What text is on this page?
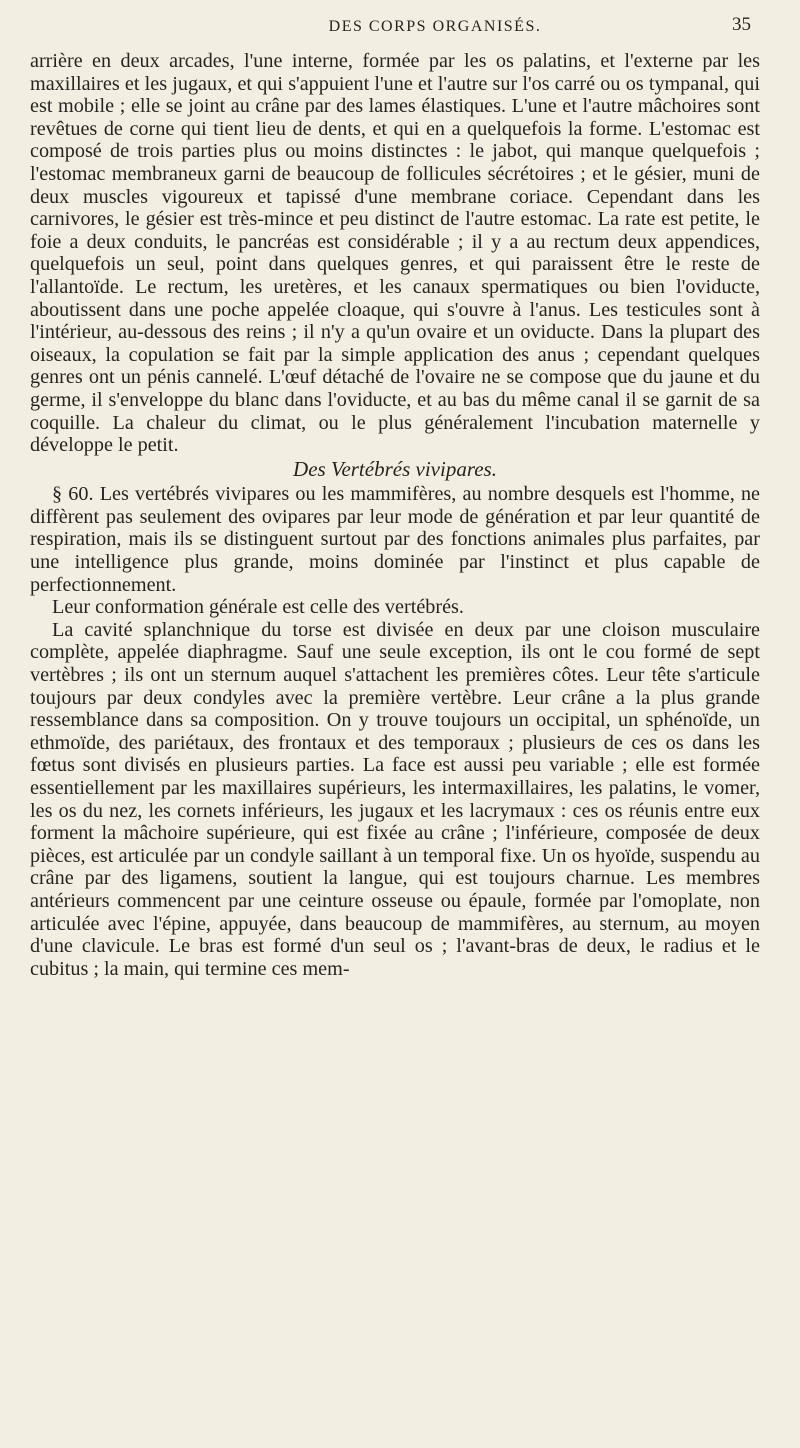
DES CORPS ORGANISÉS.	35

arrière en deux arcades, l'une interne, formée par les os palatins, et l'externe par les maxillaires et les jugaux, et qui s'appuient l'une et l'autre sur l'os carré ou os tympanal, qui est mobile ; elle se joint au crâne par des lames élastiques. L'une et l'autre mâchoires sont revêtues de corne qui tient lieu de dents, et qui en a quelquefois la forme. L'estomac est composé de trois parties plus ou moins distinctes : le jabot, qui manque quelquefois ; l'estomac membraneux garni de beaucoup de follicules sécrétoires ; et le gésier, muni de deux muscles vigoureux et tapissé d'une membrane coriace. Cependant dans les carnivores, le gésier est très-mince et peu distinct de l'autre estomac. La rate est petite, le foie a deux conduits, le pancréas est considérable ; il y a au rectum deux appendices, quelquefois un seul, point dans quelques genres, et qui paraissent être le reste de l'allantoïde. Le rectum, les uretères, et les canaux spermatiques ou bien l'oviducte, aboutissent dans une poche appelée cloaque, qui s'ouvre à l'anus. Les testicules sont à l'intérieur, au-dessous des reins ; il n'y a qu'un ovaire et un oviducte. Dans la plupart des oiseaux, la copulation se fait par la simple application des anus ; cependant quelques genres ont un pénis cannelé. L'œuf détaché de l'ovaire ne se compose que du jaune et du germe, il s'enveloppe du blanc dans l'oviducte, et au bas du même canal il se garnit de sa coquille. La chaleur du climat, ou le plus généralement l'incubation maternelle y développe le petit.

Des Vertébrés vivipares.

§ 60. Les vertébrés vivipares ou les mammifères, au nombre desquels est l'homme, ne diffèrent pas seulement des ovipares par leur mode de génération et par leur quantité de respiration, mais ils se distinguent surtout par des fonctions animales plus parfaites, par une intelligence plus grande, moins dominée par l'instinct et plus capable de perfectionnement.

Leur conformation générale est celle des vertébrés.

La cavité splanchnique du torse est divisée en deux par une cloison musculaire complète, appelée diaphragme. Sauf une seule exception, ils ont le cou formé de sept vertèbres ; ils ont un sternum auquel s'attachent les premières côtes. Leur tête s'articule toujours par deux condyles avec la première vertèbre. Leur crâne a la plus grande ressemblance dans sa composition. On y trouve toujours un occipital, un sphénoïde, un ethmoïde, des pariétaux, des frontaux et des temporaux ; plusieurs de ces os dans les fœtus sont divisés en plusieurs parties. La face est aussi peu variable ; elle est formée essentiellement par les maxillaires supérieurs, les intermaxillaires, les palatins, le vomer, les os du nez, les cornets inférieurs, les jugaux et les lacrymaux : ces os réunis entre eux forment la mâchoire supérieure, qui est fixée au crâne ; l'inférieure, composée de deux pièces, est articulée par un condyle saillant à un temporal fixe. Un os hyoïde, suspendu au crâne par des ligamens, soutient la langue, qui est toujours charnue. Les membres antérieurs commencent par une ceinture osseuse ou épaule, formée par l'omoplate, non articulée avec l'épine, appuyée, dans beaucoup de mammifères, au sternum, au moyen d'une clavicule. Le bras est formé d'un seul os ; l'avant-bras de deux, le radius et le cubitus ; la main, qui termine ces mem-
